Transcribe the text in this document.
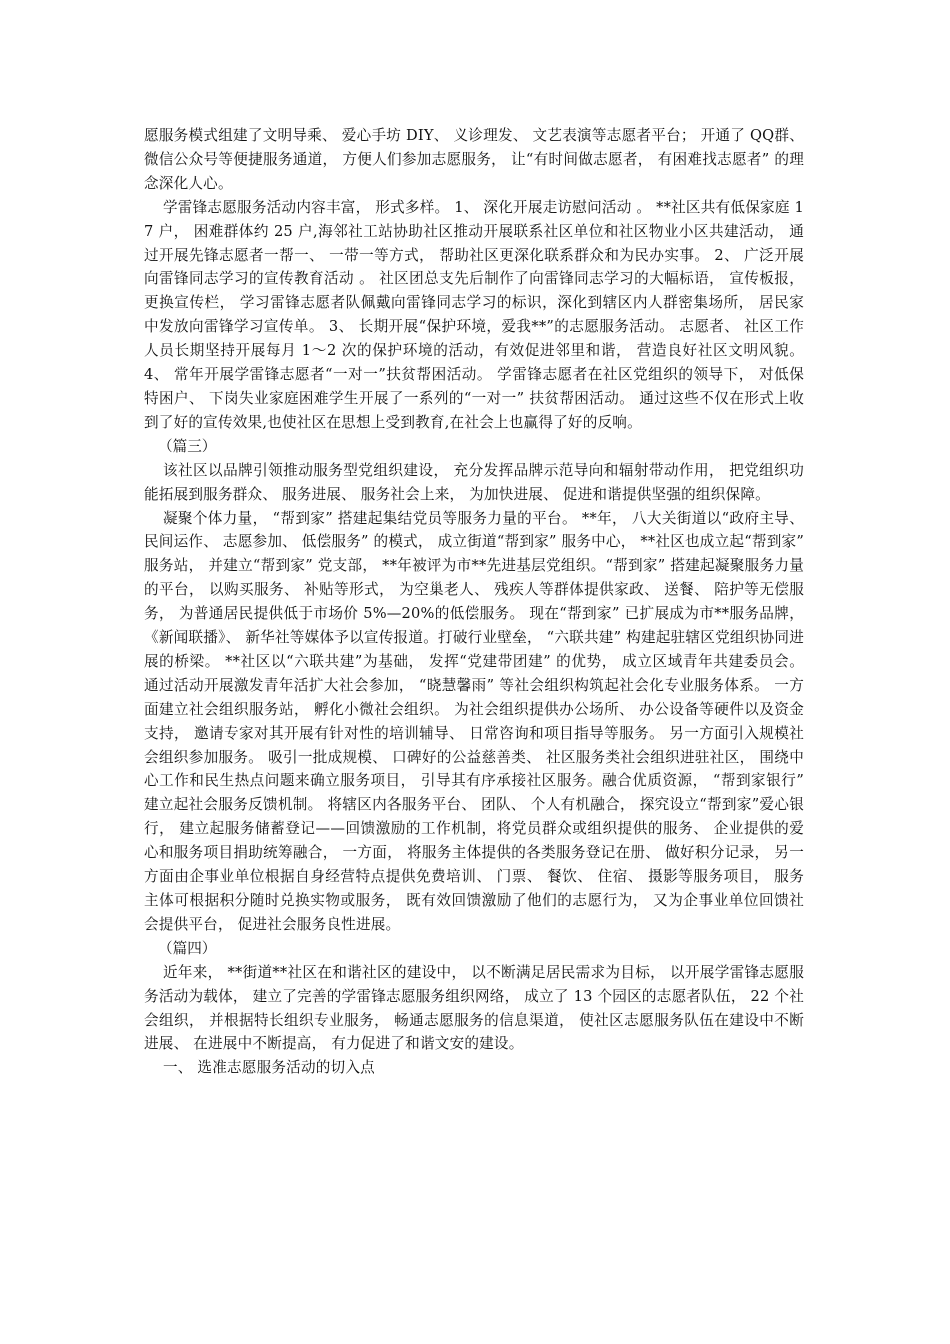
愿服务模式组建了文明导乘、 爱心手坊 DIY、 义诊理发、 文艺表演等志愿者平台； 开通了 QQ群、 微信公众号等便捷服务通道， 方便人们参加志愿服务， 让“有时间做志愿者， 有困难找志愿者” 的理念深化人心。

学雷锋志愿服务活动内容丰富， 形式多样。 1、 深化开展走访慰问活动 。 **社区共有低保家庭 17 户， 困难群体约 25 户,海邻社工站协助社区推动开展联系社区单位和社区物业小区共建活动， 通过开展先锋志愿者一帮一、 一带一等方式， 帮助社区更深化联系群众和为民办实事。 2、 广泛开展向雷锋同志学习的宣传教育活动 。 社区团总支先后制作了向雷锋同志学习的大幅标语， 宣传板报， 更换宣传栏， 学习雷锋志愿者队佩戴向雷锋同志学习的标识，深化到辖区内人群密集场所， 居民家中发放向雷锋学习宣传单。 3、 长期开展“保护环境，爱我**”的志愿服务活动。 志愿者、 社区工作人员长期坚持开展每月 1～2 次的保护环境的活动，有效促进邻里和谐， 营造良好社区文明风貌。 4、 常年开展学雷锋志愿者“一对一”扶贫帮困活动。 学雷锋志愿者在社区党组织的领导下， 对低保特困户、 下岗失业家庭困难学生开展了一系列的“一对一” 扶贫帮困活动。 通过这些不仅在形式上收到了好的宣传效果,也使社区在思想上受到教育,在社会上也赢得了好的反响。

（篇三）

该社区以品牌引领推动服务型党组织建设， 充分发挥品牌示范导向和辐射带动作用， 把党组织功能拓展到服务群众、 服务进展、 服务社会上来， 为加快进展、 促进和谐提供坚强的组织保障。

凝聚个体力量， “帮到家” 搭建起集结党员等服务力量的平台。 **年， 八大关街道以“政府主导、 民间运作、 志愿参加、 低偿服务” 的模式， 成立街道“帮到家” 服务中心， **社区也成立起“帮到家” 服务站， 并建立“帮到家” 党支部， **年被评为市**先进基层党组织。“帮到家” 搭建起凝聚服务力量的平台， 以购买服务、 补贴等形式， 为空巢老人、 残疾人等群体提供家政、 送餐、 陪护等无偿服务， 为普通居民提供低于市场价 5%—20%的低偿服务。 现在“帮到家” 已扩展成为市**服务品牌， 《新闻联播》、 新华社等媒体予以宣传报道。打破行业壁垒， “六联共建” 构建起驻辖区党组织协同进展的桥梁。 **社区以“六联共建”为基础， 发挥“党建带团建” 的优势， 成立区域青年共建委员会。 通过活动开展激发青年活扩大社会参加， “晓慧馨雨” 等社会组织构筑起社会化专业服务体系。 一方面建立社会组织服务站， 孵化小微社会组织。 为社会组织提供办公场所、 办公设备等硬件以及资金支持， 邀请专家对其开展有针对性的培训辅导、 日常咨询和项目指导等服务。 另一方面引入规模社会组织参加服务。 吸引一批成规模、 口碑好的公益慈善类、 社区服务类社会组织进驻社区， 围绕中心工作和民生热点问题来确立服务项目， 引导其有序承接社区服务。融合优质资源， “帮到家银行” 建立起社会服务反馈机制。 将辖区内各服务平台、 团队、 个人有机融合， 探究设立“帮到家”爱心银行， 建立起服务储蓄登记——回馈激励的工作机制，将党员群众或组织提供的服务、 企业提供的爱心和服务项目捐助统筹融合， 一方面， 将服务主体提供的各类服务登记在册、 做好积分记录， 另一方面由企事业单位根据自身经营特点提供免费培训、 门票、 餐饮、 住宿、 摄影等服务项目， 服务主体可根据积分随时兑换实物或服务， 既有效回馈激励了他们的志愿行为， 又为企事业单位回馈社会提供平台， 促进社会服务良性进展。

（篇四）

近年来， **街道**社区在和谐社区的建设中， 以不断满足居民需求为目标， 以开展学雷锋志愿服务活动为载体， 建立了完善的学雷锋志愿服务组织网络， 成立了 13 个园区的志愿者队伍， 22 个社会组织， 并根据特长组织专业服务， 畅通志愿服务的信息渠道， 使社区志愿服务队伍在建设中不断进展、 在进展中不断提高， 有力促进了和谐文安的建设。

一、 选准志愿服务活动的切入点
